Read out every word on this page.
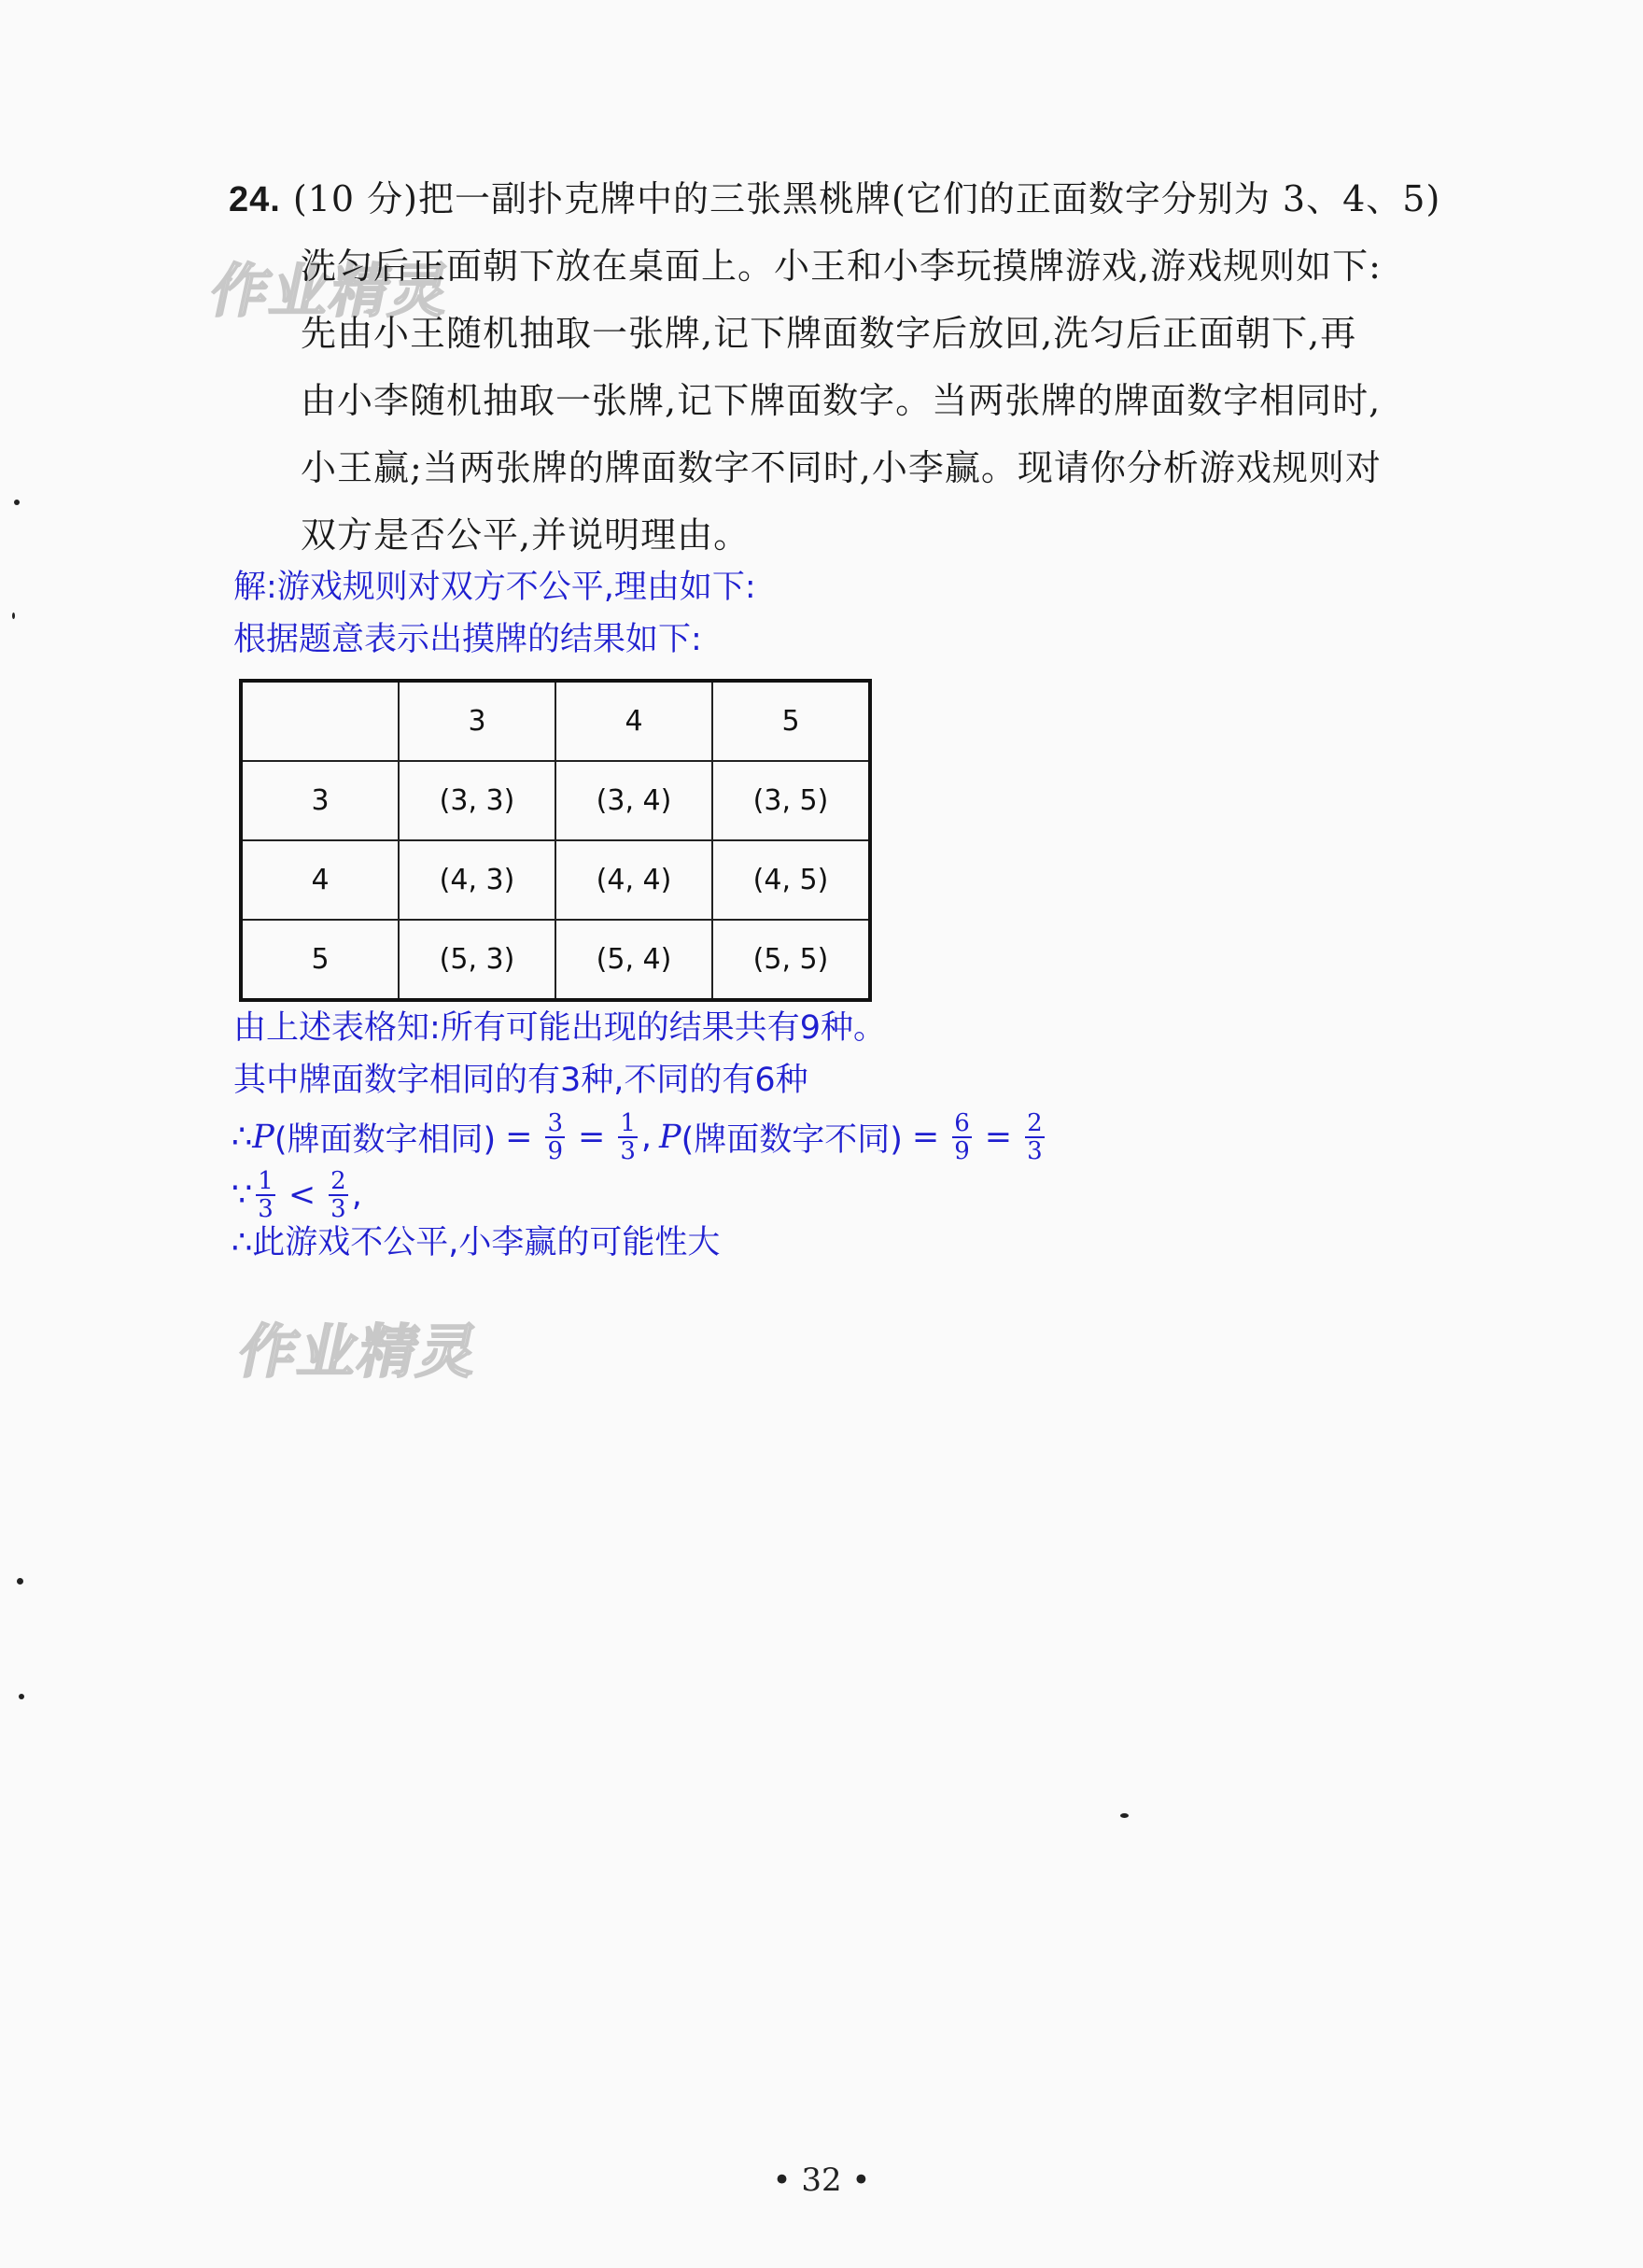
作业精灵
作业精灵
24. (10 分)把一副扑克牌中的三张黑桃牌(它们的正面数字分别为 3、4、5)
洗匀后正面朝下放在桌面上。小王和小李玩摸牌游戏,游戏规则如下:
先由小王随机抽取一张牌,记下牌面数字后放回,洗匀后正面朝下,再
由小李随机抽取一张牌,记下牌面数字。当两张牌的牌面数字相同时,
小王赢;当两张牌的牌面数字不同时,小李赢。现请你分析游戏规则对
双方是否公平,并说明理由。
解:游戏规则对双方不公平,理由如下:
根据题意表示出摸牌的结果如下:
	3	4	5
3	(3, 3)	(3, 4)	(3, 5)
4	(4, 3)	(4, 4)	(4, 5)
5	(5, 3)	(5, 4)	(5, 5)
由上述表格知:所有可能出现的结果共有9种。
其中牌面数字相同的有3种,不同的有6种
∴ P (牌面数字相同) = $\frac{3}{9} = \frac{1}{3}$ , P (牌面数字不同) = $\frac{6}{9} = \frac{2}{3}$
∵ $\frac{1}{3} < \frac{2}{3}$ ,
∴此游戏不公平,小李赢的可能性大
• 32 •
